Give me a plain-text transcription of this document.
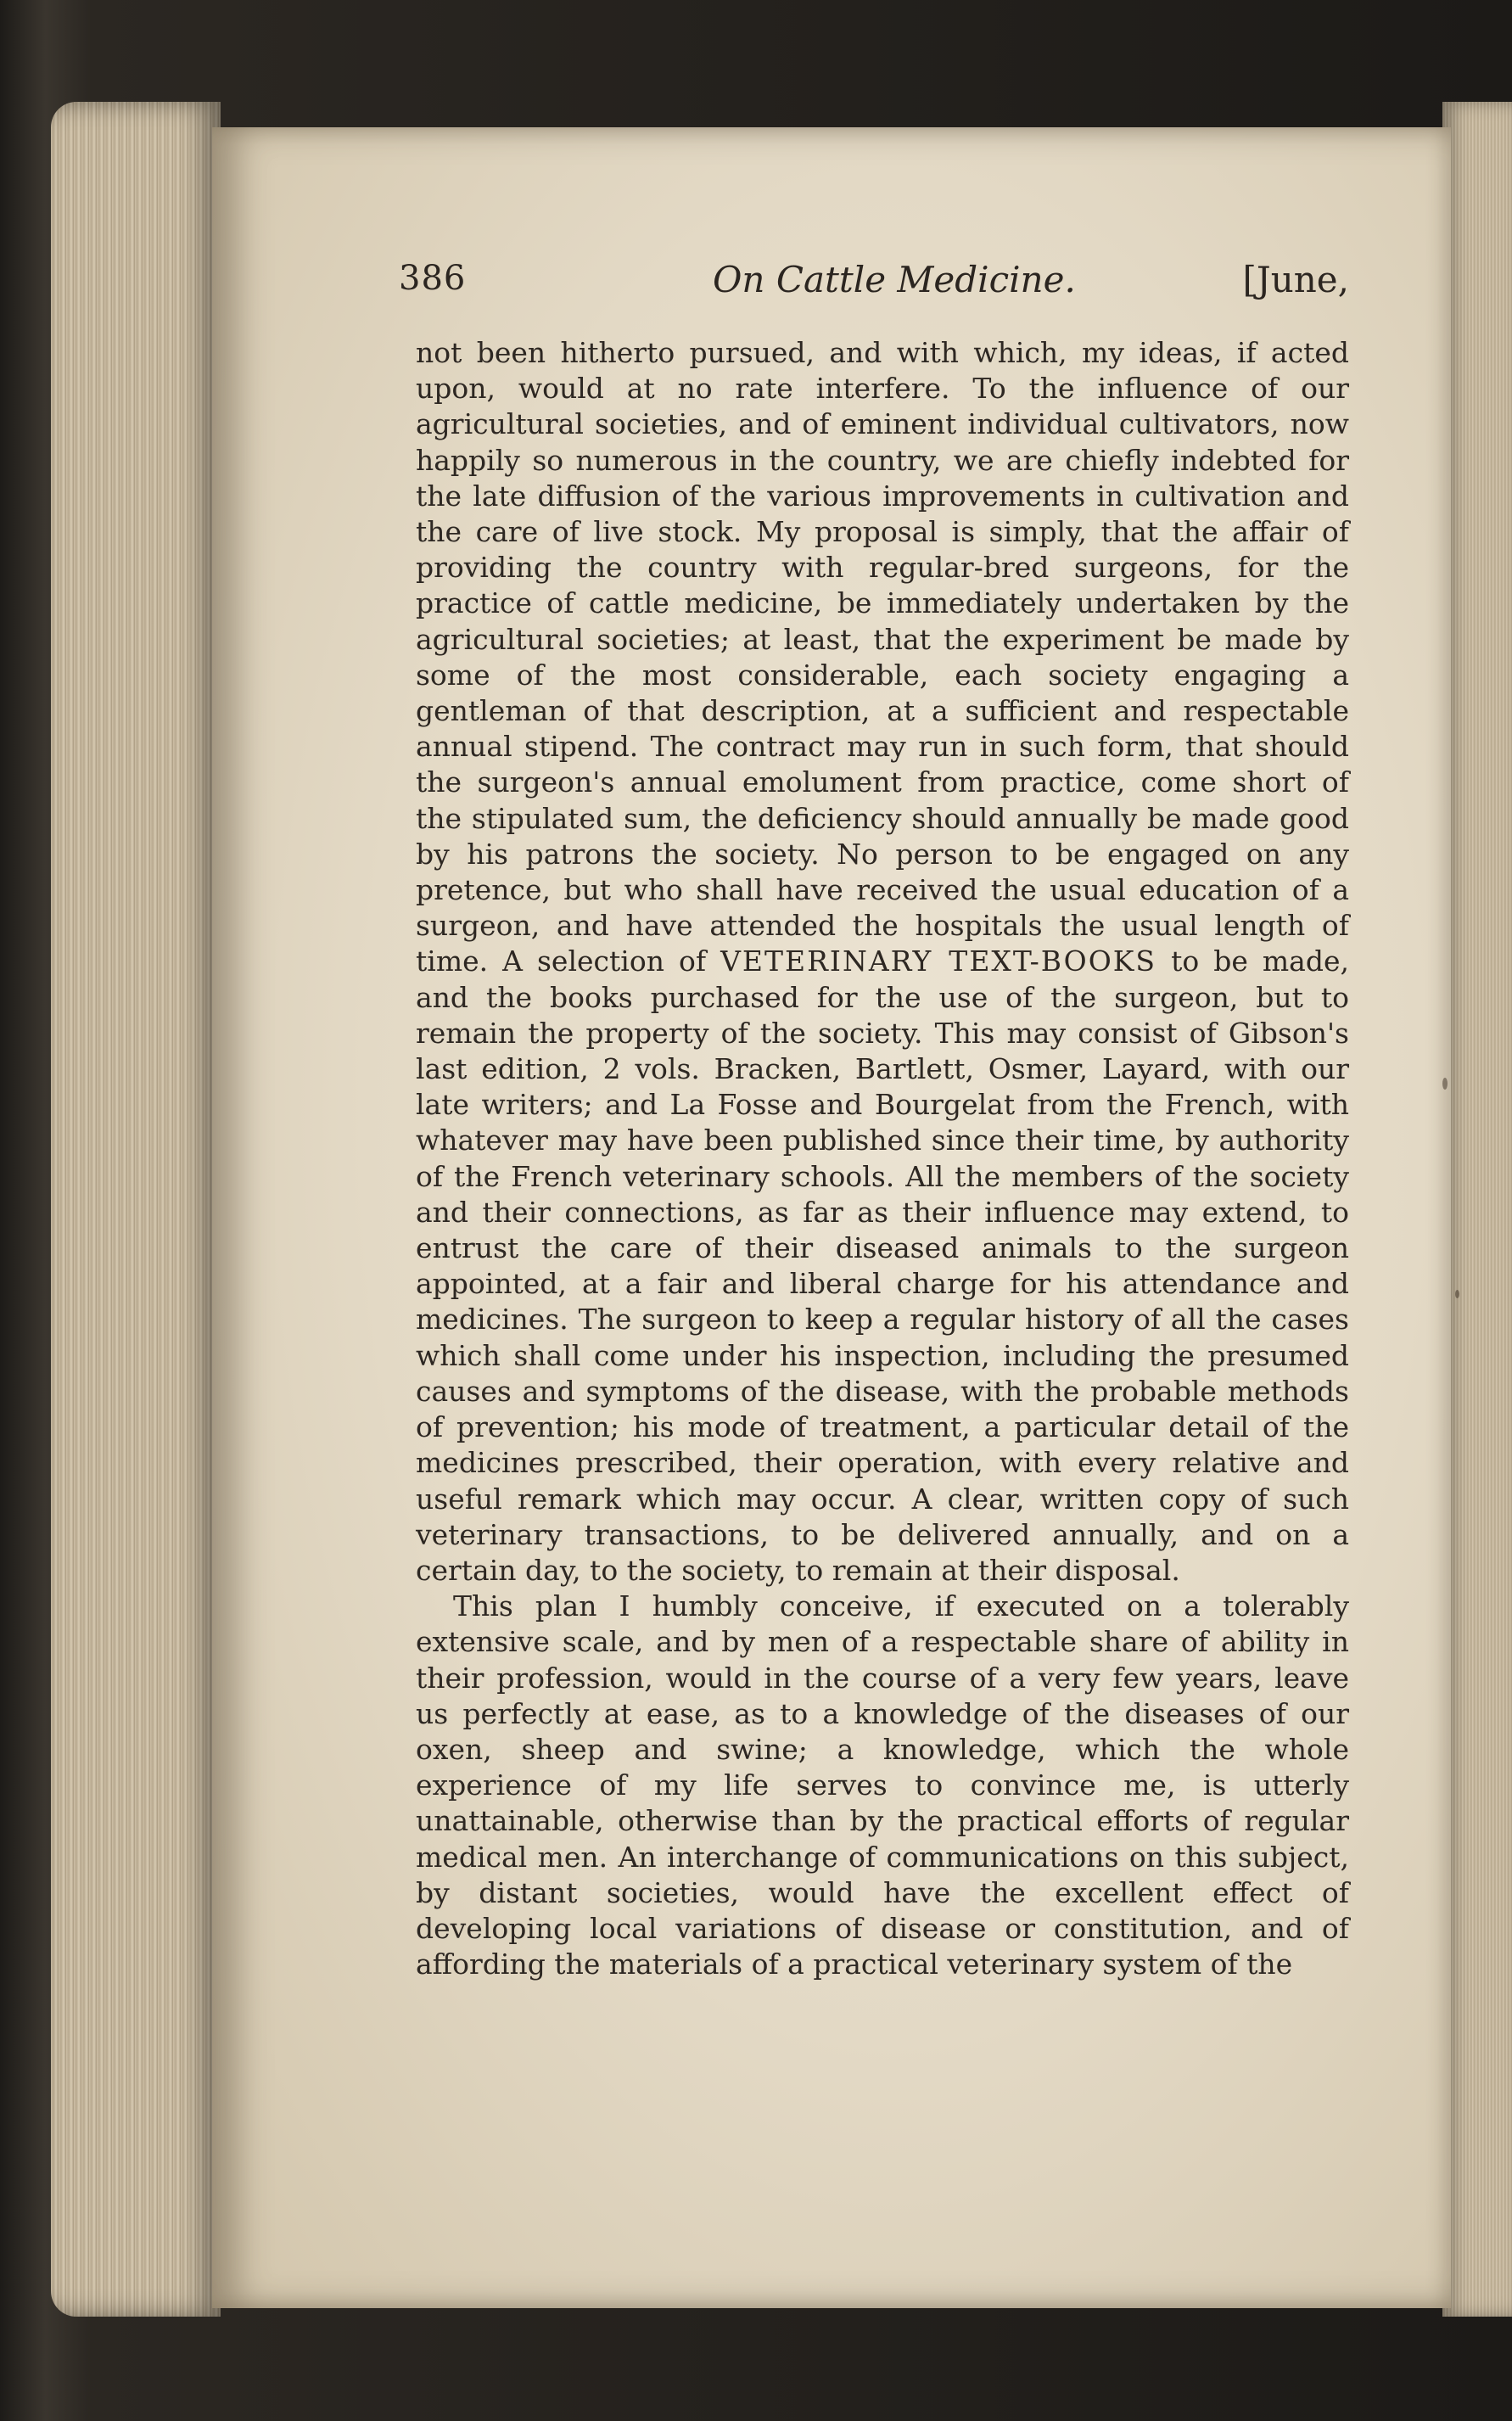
386	On Cattle Medicine.	[June,

not been hitherto pursued, and with which, my ideas, if acted upon, would at no rate interfere. To the influence of our agricultural societies, and of eminent individual cultivators, now happily so numerous in the country, we are chiefly indebted for the late diffusion of the various improvements in cultivation and the care of live stock. My proposal is simply, that the affair of providing the country with regular-bred surgeons, for the practice of cattle medicine, be immediately undertaken by the agricultural societies; at least, that the experiment be made by some of the most considerable, each society engaging a gentleman of that description, at a sufficient and respectable annual stipend. The contract may run in such form, that should the surgeon's annual emolument from practice, come short of the stipulated sum, the deficiency should annually be made good by his patrons the society. No person to be engaged on any pretence, but who shall have received the usual education of a surgeon, and have attended the hospitals the usual length of time. A selection of VETERINARY TEXT-BOOKS to be made, and the books purchased for the use of the surgeon, but to remain the property of the society. This may consist of Gibson's last edition, 2 vols. Bracken, Bartlett, Osmer, Layard, with our late writers; and La Fosse and Bourgelat from the French, with whatever may have been published since their time, by authority of the French veterinary schools. All the members of the society and their connections, as far as their influence may extend, to entrust the care of their diseased animals to the surgeon appointed, at a fair and liberal charge for his attendance and medicines. The surgeon to keep a regular history of all the cases which shall come under his inspection, including the presumed causes and symptoms of the disease, with the probable methods of prevention; his mode of treatment, a particular detail of the medicines prescribed, their operation, with every relative and useful remark which may occur. A clear, written copy of such veterinary transactions, to be delivered annually, and on a certain day, to the society, to remain at their disposal.

This plan I humbly conceive, if executed on a tolerably extensive scale, and by men of a respectable share of ability in their profession, would in the course of a very few years, leave us perfectly at ease, as to a knowledge of the diseases of our oxen, sheep and swine; a knowledge, which the whole experience of my life serves to convince me, is utterly unattainable, otherwise than by the practical efforts of regular medical men. An interchange of communications on this subject, by distant societies, would have the excellent effect of developing local variations of disease or constitution, and of affording the materials of a practical veterinary system of the
